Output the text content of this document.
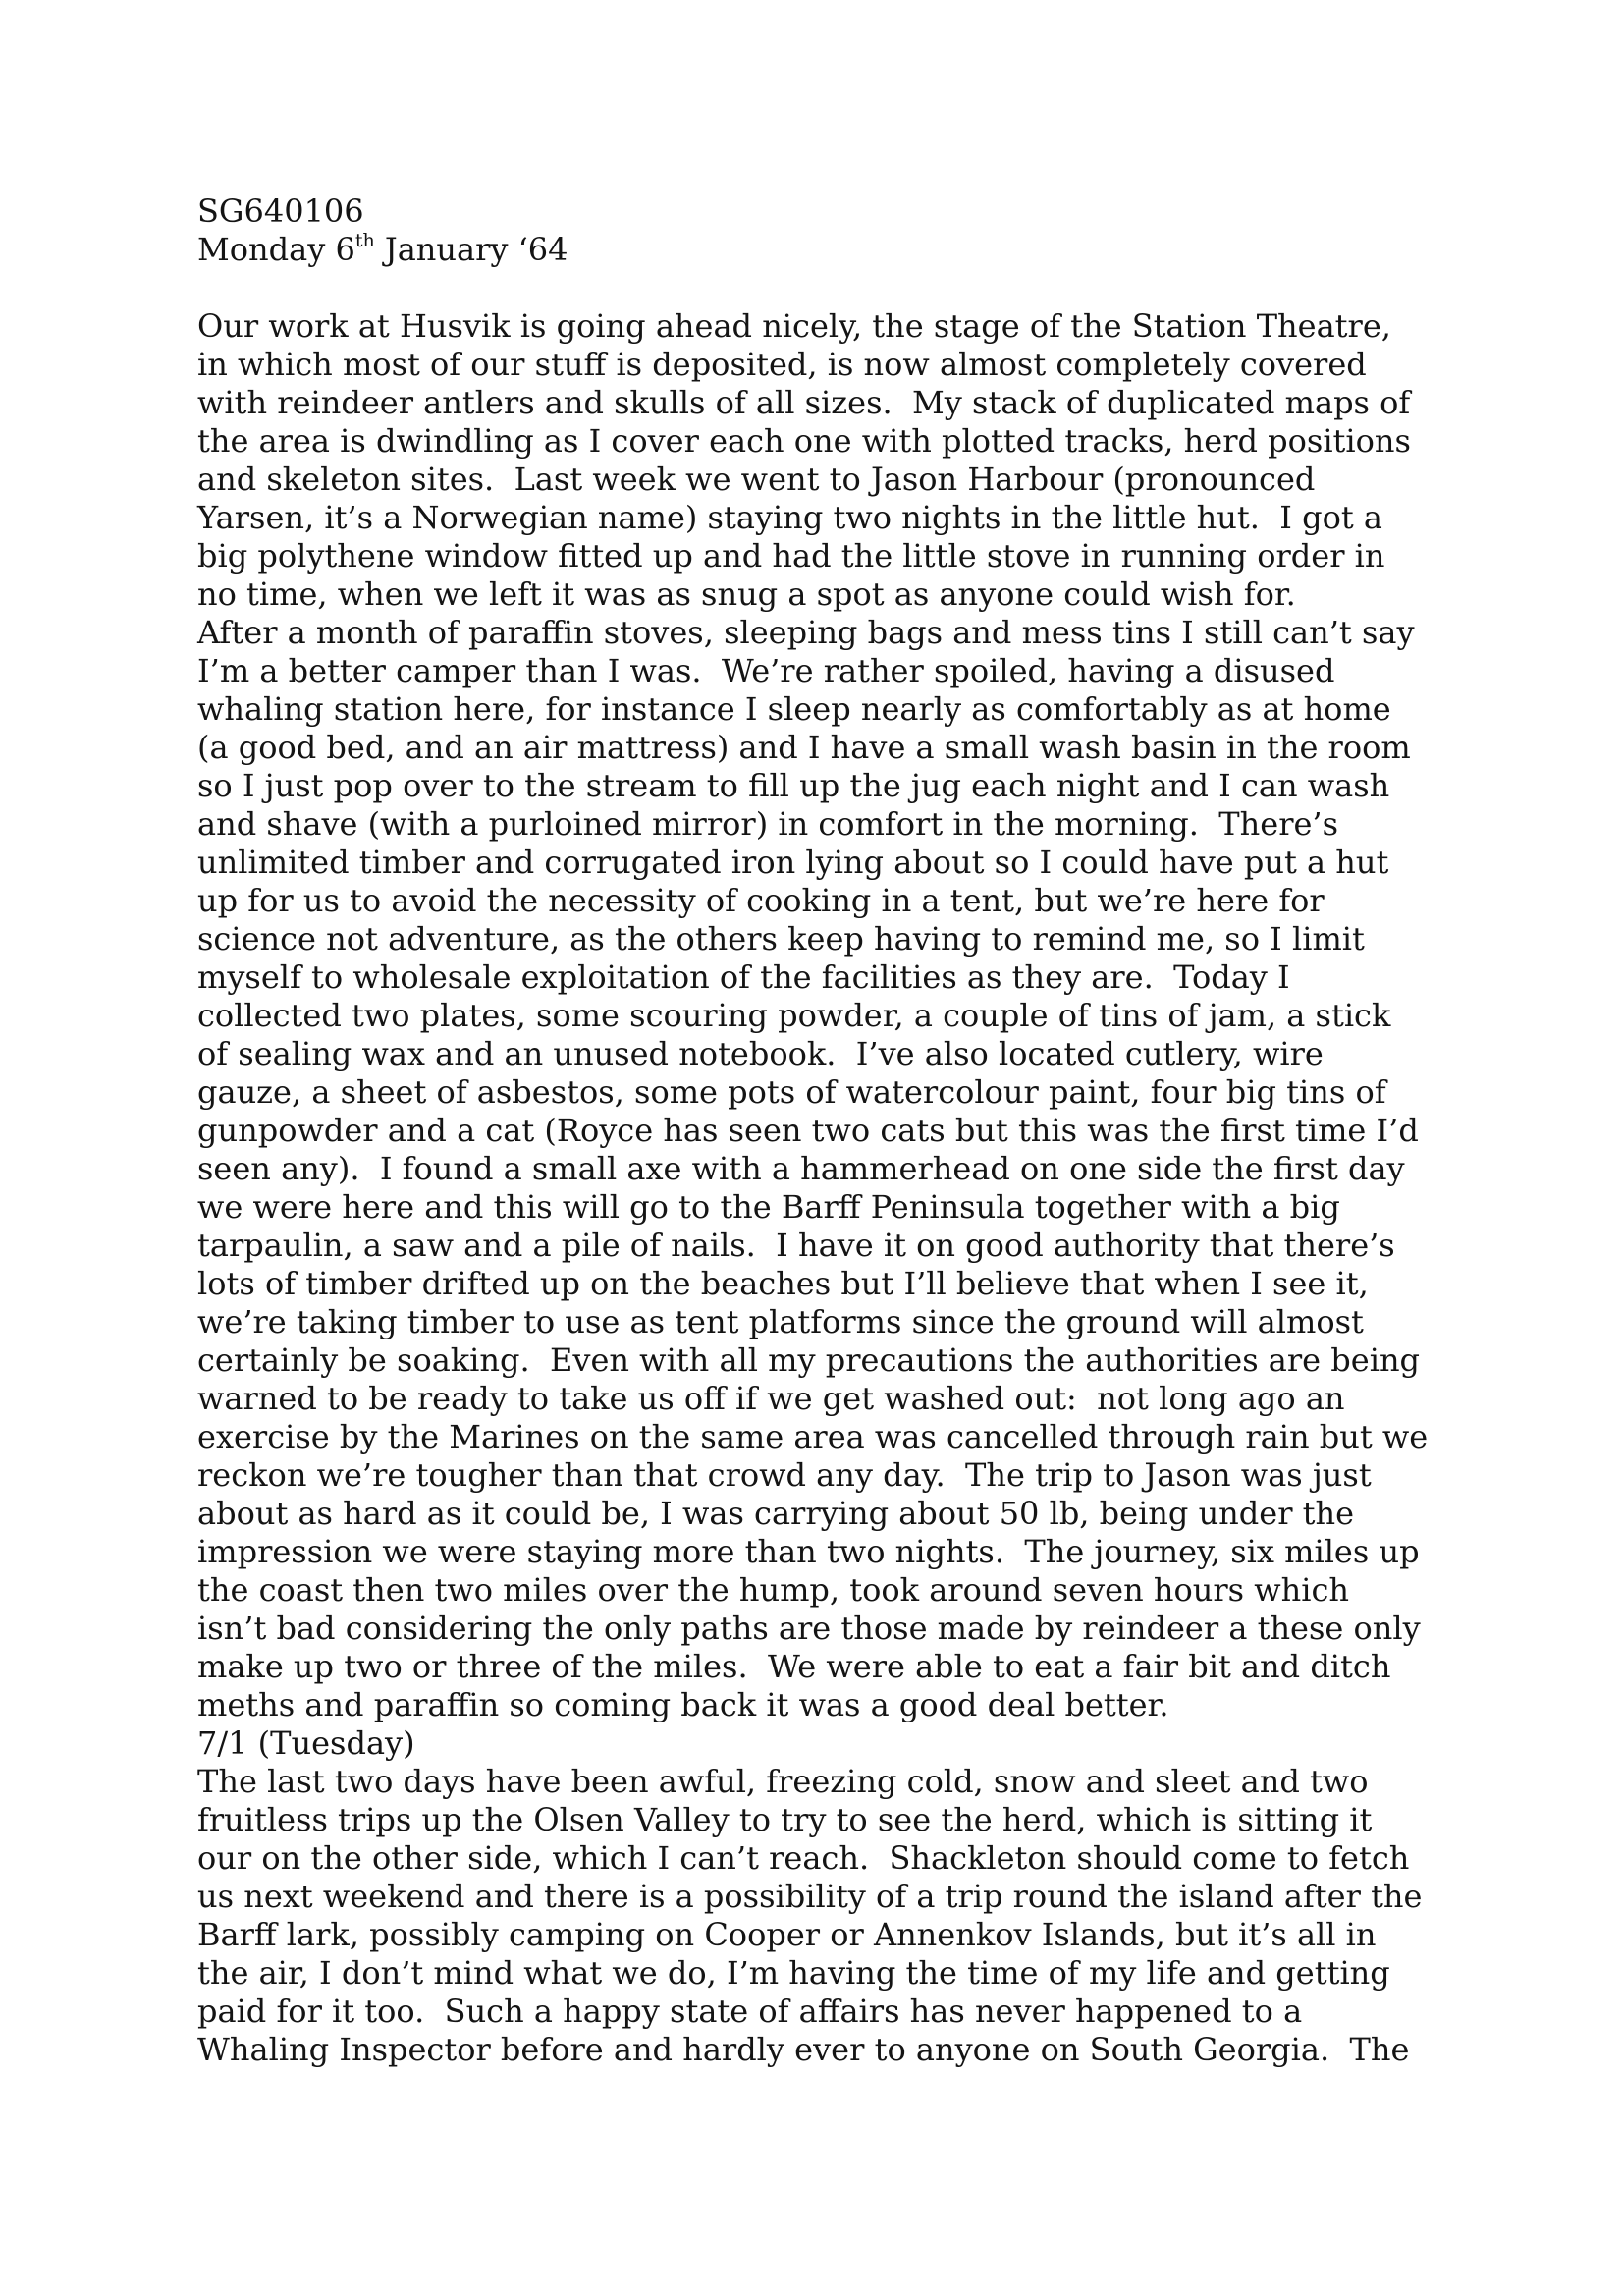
SG640106
Monday 6th January ‘64
Our work at Husvik is going ahead nicely, the stage of the Station Theatre,
in which most of our stuff is deposited, is now almost completely covered
with reindeer antlers and skulls of all sizes.  My stack of duplicated maps of
the area is dwindling as I cover each one with plotted tracks, herd positions
and skeleton sites.  Last week we went to Jason Harbour (pronounced
Yarsen, it’s a Norwegian name) staying two nights in the little hut.  I got a
big polythene window fitted up and had the little stove in running order in
no time, when we left it was as snug a spot as anyone could wish for.
After a month of paraffin stoves, sleeping bags and mess tins I still can’t say
I’m a better camper than I was.  We’re rather spoiled, having a disused
whaling station here, for instance I sleep nearly as comfortably as at home
(a good bed, and an air mattress) and I have a small wash basin in the room
so I just pop over to the stream to fill up the jug each night and I can wash
and shave (with a purloined mirror) in comfort in the morning.  There’s
unlimited timber and corrugated iron lying about so I could have put a hut
up for us to avoid the necessity of cooking in a tent, but we’re here for
science not adventure, as the others keep having to remind me, so I limit
myself to wholesale exploitation of the facilities as they are.  Today I
collected two plates, some scouring powder, a couple of tins of jam, a stick
of sealing wax and an unused notebook.  I’ve also located cutlery, wire
gauze, a sheet of asbestos, some pots of watercolour paint, four big tins of
gunpowder and a cat (Royce has seen two cats but this was the first time I’d
seen any).  I found a small axe with a hammerhead on one side the first day
we were here and this will go to the Barff Peninsula together with a big
tarpaulin, a saw and a pile of nails.  I have it on good authority that there’s
lots of timber drifted up on the beaches but I’ll believe that when I see it,
we’re taking timber to use as tent platforms since the ground will almost
certainly be soaking.  Even with all my precautions the authorities are being
warned to be ready to take us off if we get washed out:  not long ago an
exercise by the Marines on the same area was cancelled through rain but we
reckon we’re tougher than that crowd any day.  The trip to Jason was just
about as hard as it could be, I was carrying about 50 lb, being under the
impression we were staying more than two nights.  The journey, six miles up
the coast then two miles over the hump, took around seven hours which
isn’t bad considering the only paths are those made by reindeer a these only
make up two or three of the miles.  We were able to eat a fair bit and ditch
meths and paraffin so coming back it was a good deal better.
7/1 (Tuesday)
The last two days have been awful, freezing cold, snow and sleet and two
fruitless trips up the Olsen Valley to try to see the herd, which is sitting it
our on the other side, which I can’t reach.  Shackleton should come to fetch
us next weekend and there is a possibility of a trip round the island after the
Barff lark, possibly camping on Cooper or Annenkov Islands, but it’s all in
the air, I don’t mind what we do, I’m having the time of my life and getting
paid for it too.  Such a happy state of affairs has never happened to a
Whaling Inspector before and hardly ever to anyone on South Georgia.  The
